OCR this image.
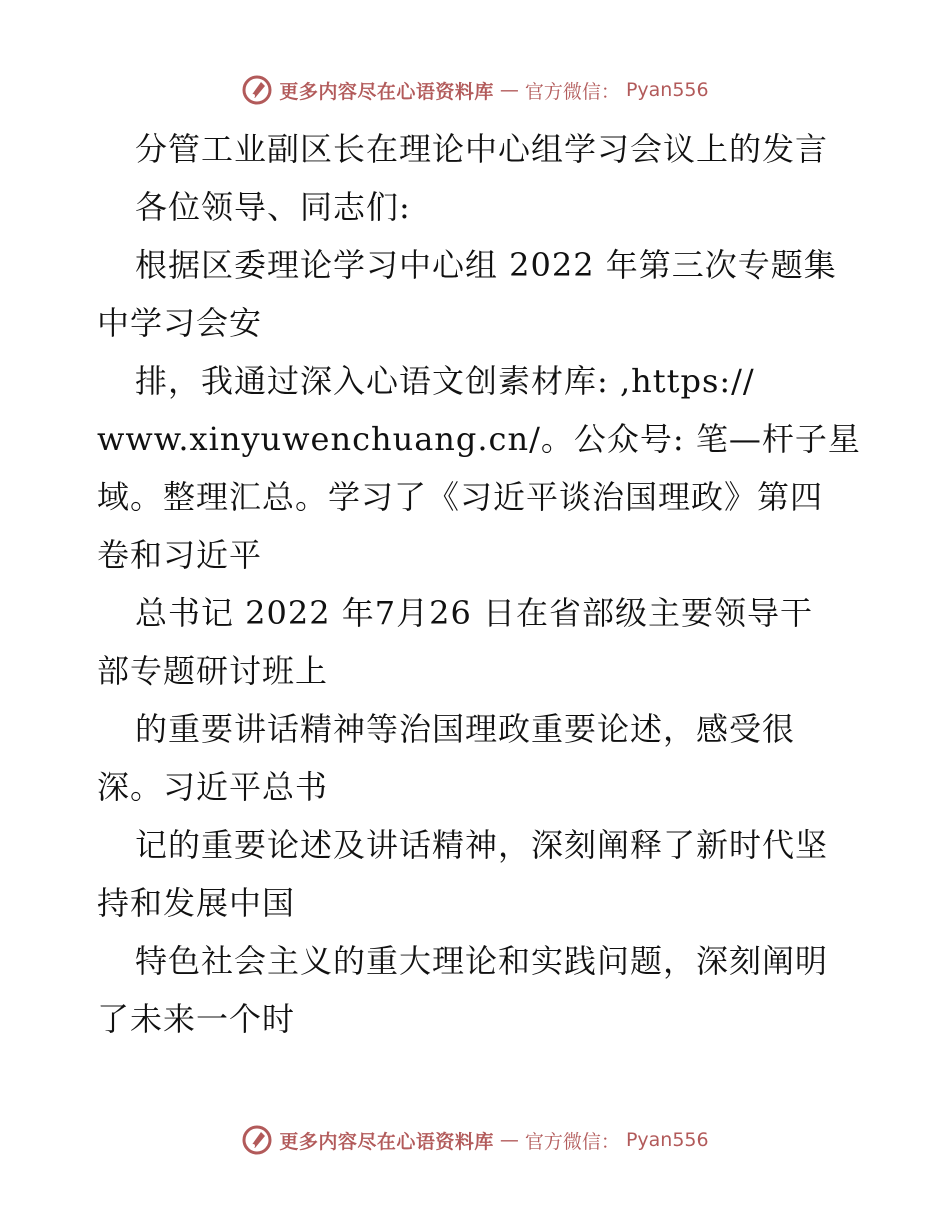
更多内容尽在心语资料库 — 官方微信： Pyan556
分管工业副区长在理论中心组学习会议上的发言
各位领导、同志们:
根据区委理论学习中心组 2022 年第三次专题集
中学习会安
排，我通过深入心语文创素材库: ,https://
www.xinyuwenchuang.cn/。公众号: 笔—杆子星
域。整理汇总。学习了《习近平谈治国理政》第四
卷和习近平
总书记 2022 年7月26 日在省部级主要领导干
部专题研讨班上
的重要讲话精神等治国理政重要论述，感受很
深。习近平总书
记的重要论述及讲话精神，深刻阐释了新时代坚
持和发展中国
特色社会主义的重大理论和实践问题，深刻阐明
了未来一个时
更多内容尽在心语资料库 — 官方微信： Pyan556
